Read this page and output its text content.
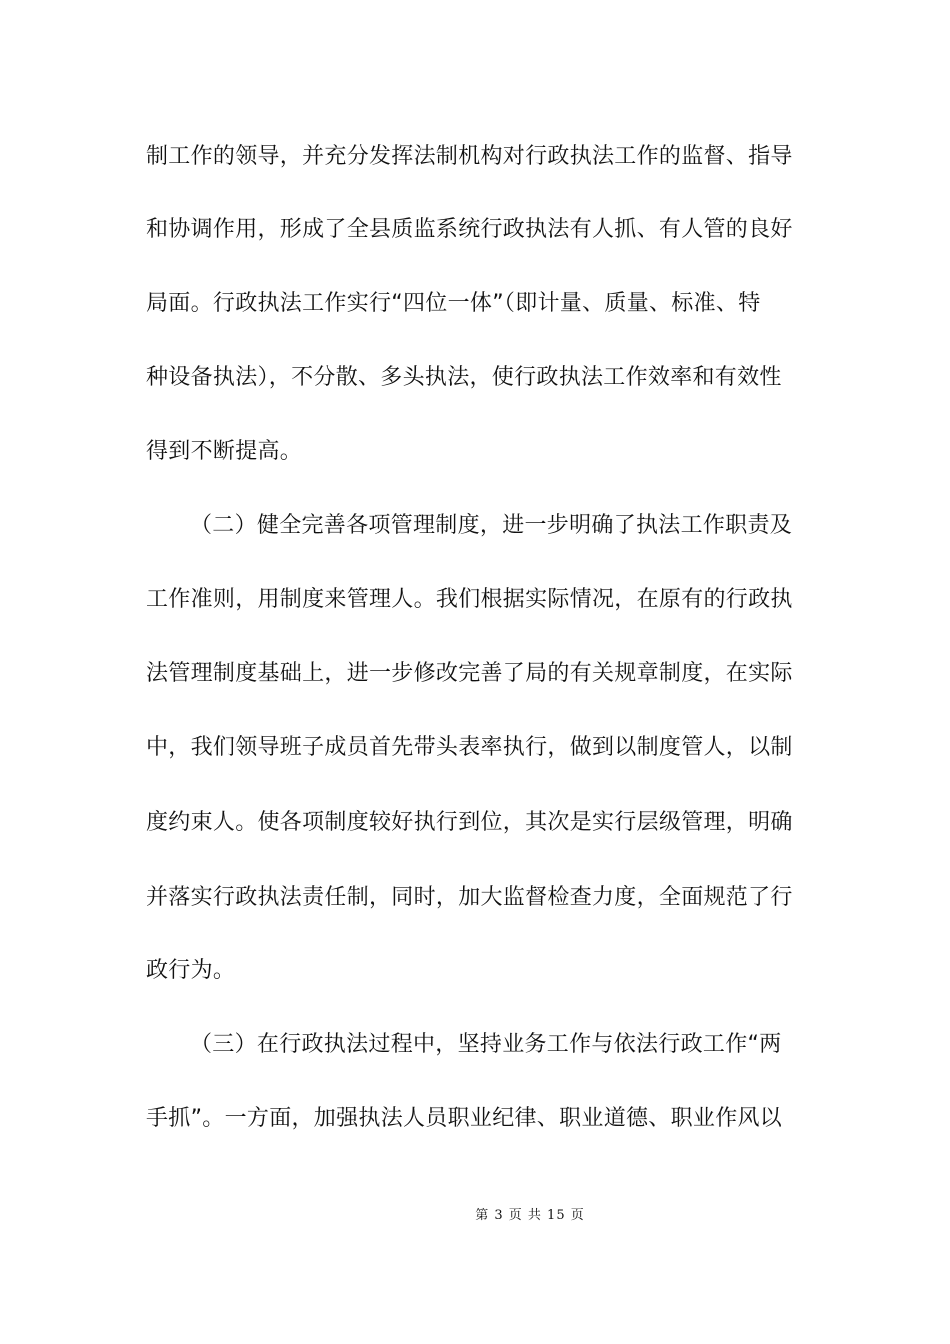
制工作的领导，并充分发挥法制机构对行政执法工作的监督、指导
和协调作用，形成了全县质监系统行政执法有人抓、有人管的良好
局面。行政执法工作实行“四位一体”（即计量、质量、标准、特
种设备执法），不分散、多头执法，使行政执法工作效率和有效性
得到不断提高。
（二）健全完善各项管理制度，进一步明确了执法工作职责及
工作准则，用制度来管理人。我们根据实际情况，在原有的行政执
法管理制度基础上，进一步修改完善了局的有关规章制度，在实际
中，我们领导班子成员首先带头表率执行，做到以制度管人，以制
度约束人。使各项制度较好执行到位，其次是实行层级管理，明确
并落实行政执法责任制，同时，加大监督检查力度，全面规范了行
政行为。
（三）在行政执法过程中，坚持业务工作与依法行政工作“两
手抓”。一方面，加强执法人员职业纪律、职业道德、职业作风以
第 3 页 共 15 页
